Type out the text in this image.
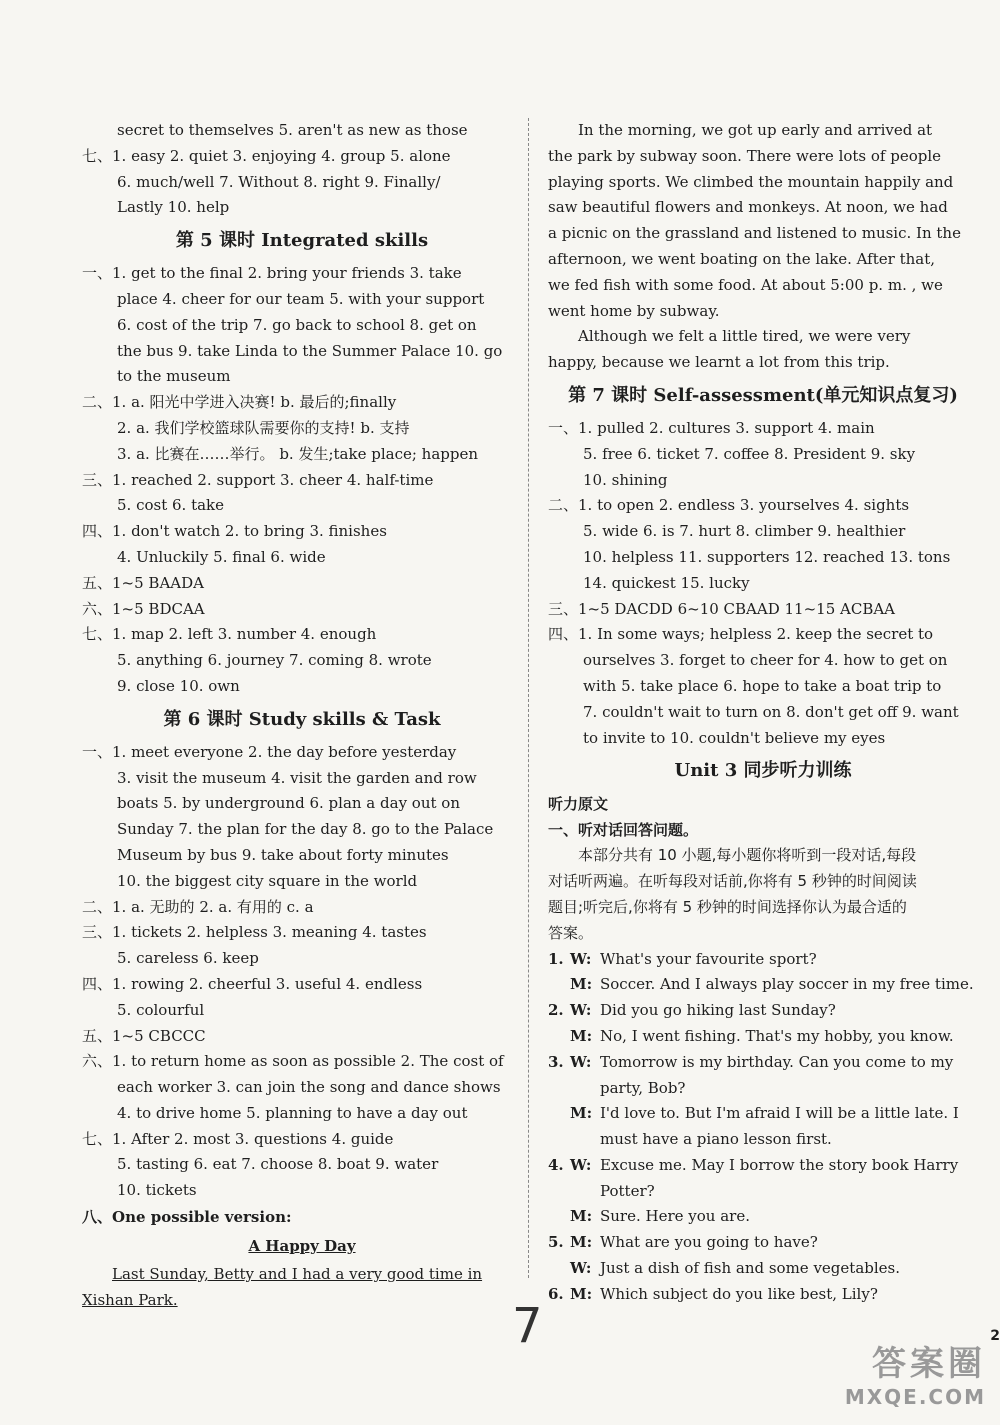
secret to themselves 5. aren't as new as those
七、1. easy 2. quiet 3. enjoying 4. group 5. alone
6. much/well 7. Without 8. right 9. Finally/
Lastly 10. help
第 5 课时 Integrated skills
一、1. get to the final 2. bring your friends 3. take
place 4. cheer for our team 5. with your support
6. cost of the trip 7. go back to school 8. get on
the bus 9. take Linda to the Summer Palace 10. go
to the museum
二、1. a. 阳光中学进入决赛! b. 最后的;finally
2. a. 我们学校篮球队需要你的支持! b. 支持
3. a. 比赛在……举行。 b. 发生;take place; happen
三、1. reached 2. support 3. cheer 4. half-time
5. cost 6. take
四、1. don't watch 2. to bring 3. finishes
4. Unluckily 5. final 6. wide
五、1~5 BAADA
六、1~5 BDCAA
七、1. map 2. left 3. number 4. enough
5. anything 6. journey 7. coming 8. wrote
9. close 10. own
第 6 课时 Study skills & Task
一、1. meet everyone 2. the day before yesterday
3. visit the museum 4. visit the garden and row
boats 5. by underground 6. plan a day out on
Sunday 7. the plan for the day 8. go to the Palace
Museum by bus 9. take about forty minutes
10. the biggest city square in the world
二、1. a. 无助的 2. a. 有用的 c. a
三、1. tickets 2. helpless 3. meaning 4. tastes
5. careless 6. keep
四、1. rowing 2. cheerful 3. useful 4. endless
5. colourful
五、1~5 CBCCC
六、1. to return home as soon as possible 2. The cost of
each worker 3. can join the song and dance shows
4. to drive home 5. planning to have a day out
七、1. After 2. most 3. questions 4. guide
5. tasting 6. eat 7. choose 8. boat 9. water
10. tickets
八、One possible version:
A Happy Day
Last Sunday, Betty and I had a very good time in
Xishan Park.
In the morning, we got up early and arrived at
the park by subway soon. There were lots of people
playing sports. We climbed the mountain happily and
saw beautiful flowers and monkeys. At noon, we had
a picnic on the grassland and listened to music. In the
afternoon, we went boating on the lake. After that,
we fed fish with some food. At about 5:00 p. m. , we
went home by subway.
Although we felt a little tired, we were very
happy, because we learnt a lot from this trip.
第 7 课时 Self-assessment(单元知识点复习)
一、1. pulled 2. cultures 3. support 4. main
5. free 6. ticket 7. coffee 8. President 9. sky
10. shining
二、1. to open 2. endless 3. yourselves 4. sights
5. wide 6. is 7. hurt 8. climber 9. healthier
10. helpless 11. supporters 12. reached 13. tons
14. quickest 15. lucky
三、1~5 DACDD 6~10 CBAAD 11~15 ACBAA
四、1. In some ways; helpless 2. keep the secret to
ourselves 3. forget to cheer for 4. how to get on
with 5. take place 6. hope to take a boat trip to
7. couldn't wait to turn on 8. don't get off 9. want
to invite to 10. couldn't believe my eyes
Unit 3 同步听力训练
听力原文
一、听对话回答问题。
本部分共有 10 小题,每小题你将听到一段对话,每段
对话听两遍。在听每段对话前,你将有 5 秒钟的时间阅读
题目;听完后,你将有 5 秒钟的时间选择你认为最合适的
答案。
1. W: What's your favourite sport?
M: Soccer. And I always play soccer in my free time.
2. W: Did you go hiking last Sunday?
M: No, I went fishing. That's my hobby, you know.
3. W: Tomorrow is my birthday. Can you come to my
party, Bob?
M: I'd love to. But I'm afraid I will be a little late. I
must have a piano lesson first.
4. W: Excuse me. May I borrow the story book Harry
Potter?
M: Sure. Here you are.
5. M: What are you going to have?
W: Just a dish of fish and some vegetables.
6. M: Which subject do you like best, Lily?
7	2
答案圈
MXQE.COM
